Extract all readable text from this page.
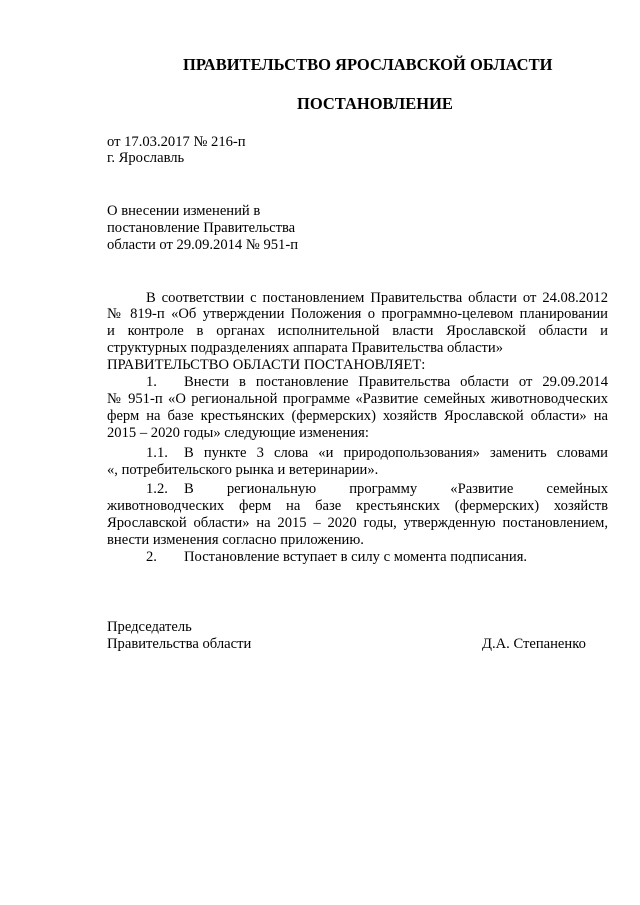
ПРАВИТЕЛЬСТВО ЯРОСЛАВСКОЙ ОБЛАСТИ
ПОСТАНОВЛЕНИЕ
от 17.03.2017 № 216-п
г. Ярославль
О внесении изменений в
постановление Правительства
области от 29.09.2014 № 951-п
В соответствии с постановлением Правительства области от 24.08.2012
№ 819-п «Об утверждении Положения о программно-целевом планировании
и контроле в органах исполнительной власти Ярославской области и
структурных подразделениях аппарата Правительства области»
ПРАВИТЕЛЬСТВО ОБЛАСТИ ПОСТАНОВЛЯЕТ:
1. Внести в постановление Правительства области от 29.09.2014
№ 951-п «О региональной программе «Развитие семейных животноводческих
ферм на базе крестьянских (фермерских) хозяйств Ярославской области» на
2015 – 2020 годы» следующие изменения:
1.1. В пункте 3 слова «и природопользования» заменить словами
«, потребительского рынка и ветеринарии».
1.2. В региональную программу «Развитие семейных
животноводческих ферм на базе крестьянских (фермерских) хозяйств
Ярославской области» на 2015 – 2020 годы, утвержденную постановлением,
внести изменения согласно приложению.
2. Постановление вступает в силу с момента подписания.
Председатель
Правительства области	Д.А. Степаненко
